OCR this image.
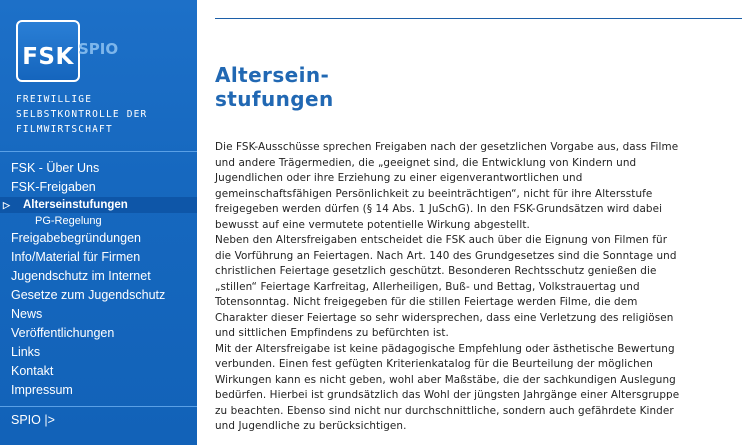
FSK SPIO
FREIWILLIGE
SELBSTKONTROLLE DER
FILMWIRTSCHAFT
FSK - Über Uns
FSK-Freigaben
▷ Alterseinstufungen
PG-Regelung
Freigabebegründungen
Info/Material für Firmen
Jugendschutz im Internet
Gesetze zum Jugendschutz
News
Veröffentlichungen
Links
Kontakt
Impressum
SPIO |>
Altersein-
stufungen
Die FSK-Ausschüsse sprechen Freigaben nach der gesetzlichen Vorgabe aus, dass Filme
und andere Trägermedien, die „geeignet sind, die Entwicklung von Kindern und
Jugendlichen oder ihre Erziehung zu einer eigenverantwortlichen und
gemeinschaftsfähigen Persönlichkeit zu beeinträchtigen“, nicht für ihre Altersstufe
freigegeben werden dürfen (§ 14 Abs. 1 JuSchG). In den FSK-Grundsätzen wird dabei
bewusst auf eine vermutete potentielle Wirkung abgestellt.
Neben den Altersfreigaben entscheidet die FSK auch über die Eignung von Filmen für
die Vorführung an Feiertagen. Nach Art. 140 des Grundgesetzes sind die Sonntage und
christlichen Feiertage gesetzlich geschützt. Besonderen Rechtsschutz genießen die
„stillen“ Feiertage Karfreitag, Allerheiligen, Buß- und Bettag, Volkstrauertag und
Totensonntag. Nicht freigegeben für die stillen Feiertage werden Filme, die dem
Charakter dieser Feiertage so sehr widersprechen, dass eine Verletzung des religiösen
und sittlichen Empfindens zu befürchten ist.
Mit der Altersfreigabe ist keine pädagogische Empfehlung oder ästhetische Bewertung
verbunden. Einen fest gefügten Kriterienkatalog für die Beurteilung der möglichen
Wirkungen kann es nicht geben, wohl aber Maßstäbe, die der sachkundigen Auslegung
bedürfen. Hierbei ist grundsätzlich das Wohl der jüngsten Jahrgänge einer Altersgruppe
zu beachten. Ebenso sind nicht nur durchschnittliche, sondern auch gefährdete Kinder
und Jugendliche zu berücksichtigen.
